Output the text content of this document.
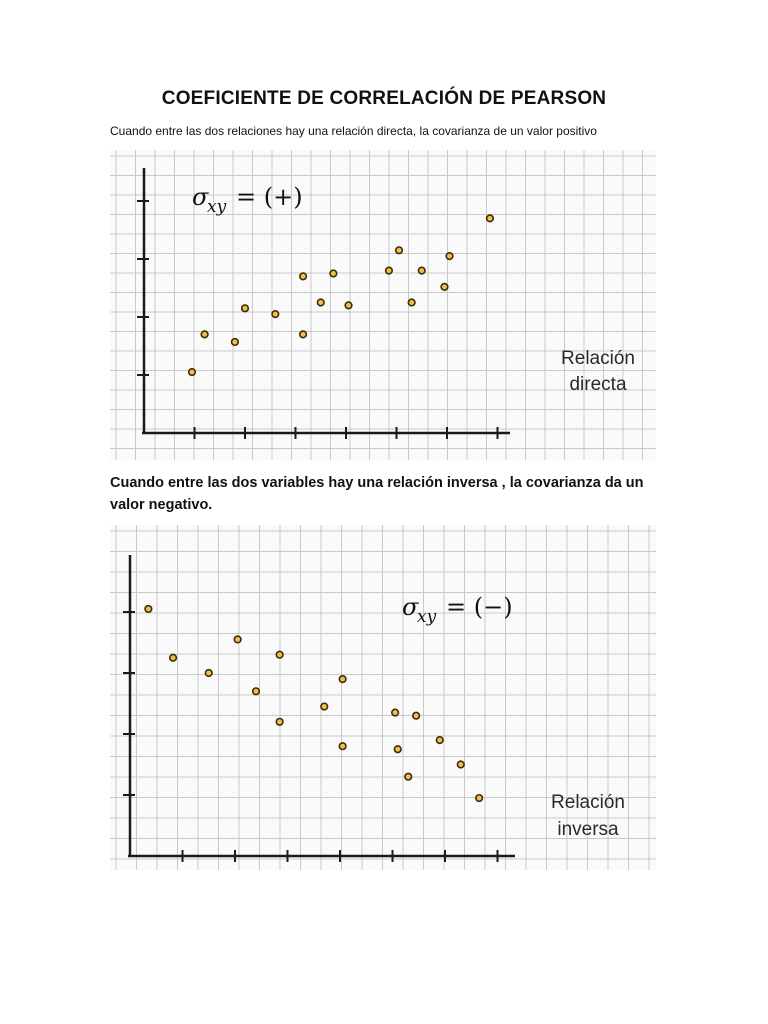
COEFICIENTE DE CORRELACIÓN DE PEARSON
Cuando entre las dos relaciones hay una relación directa, la covarianza de un valor positivo
σ
xy = (+)
Relación
directa
Cuando entre las dos variables hay una relación inversa , la covarianza da un valor negativo.
σ
xy = (−)
Relación
inversa
